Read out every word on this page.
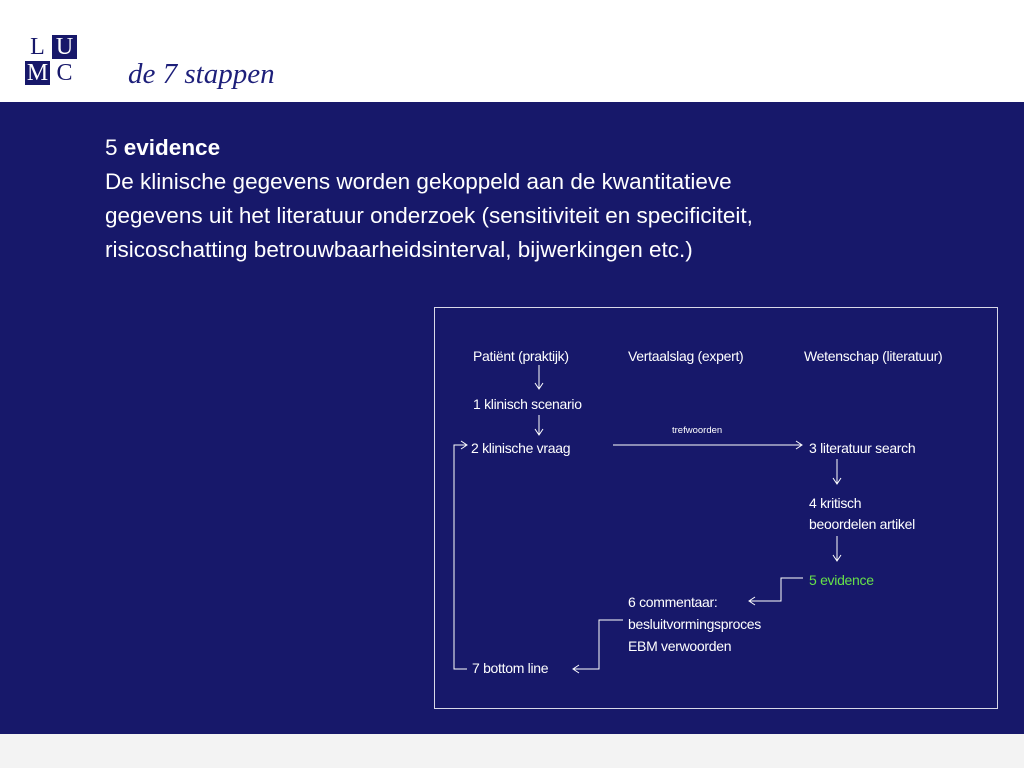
L U
M C de 7 stappen
5 evidence
De klinische gegevens worden gekoppeld aan de kwantitatieve
gegevens uit het literatuur onderzoek (sensitiviteit en specificiteit,
risicoschatting betrouwbaarheidsinterval, bijwerkingen etc.)
Patiënt (praktijk)	Vertaalslag (expert)	Wetenschap (literatuur)
1 klinisch scenario
2 klinische vraag
trefwoorden
3 literatuur search
4 kritisch
beoordelen artikel
5 evidence
6 commentaar:
besluitvormingsproces
EBM verwoorden
7 bottom line
